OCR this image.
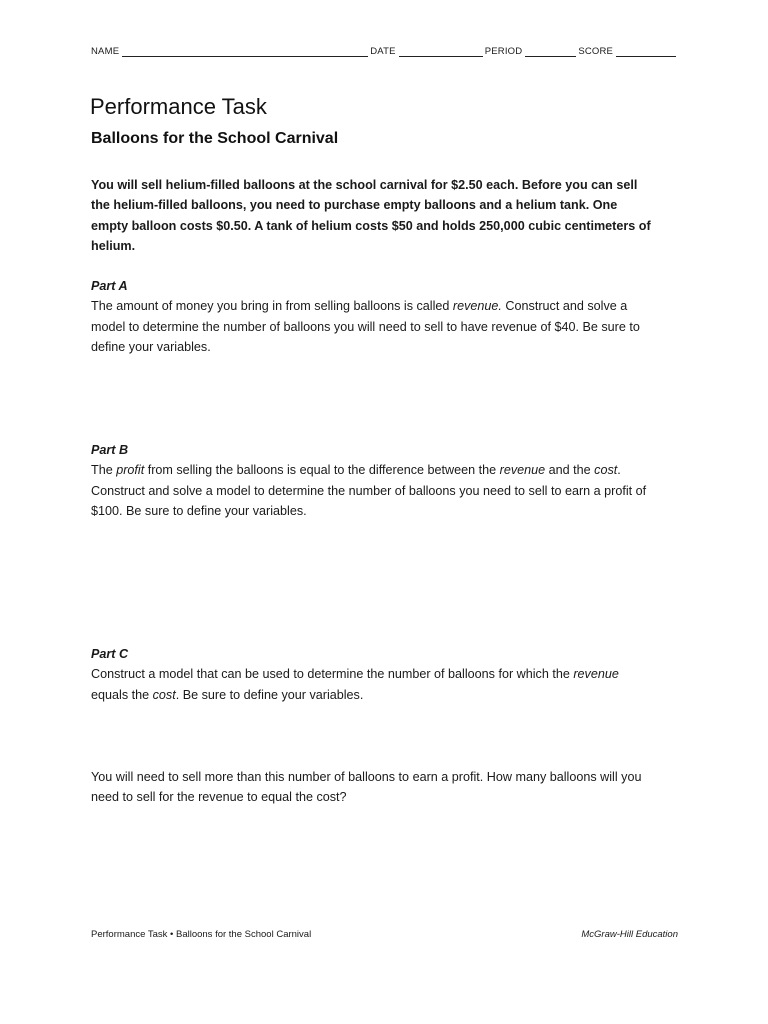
NAME	DATE	PERIOD	SCORE
Performance Task
Balloons for the School Carnival

You will sell helium-filled balloons at the school carnival for $2.50 each. Before you can sell the helium-filled balloons, you need to purchase empty balloons and a helium tank. One empty balloon costs $0.50. A tank of helium costs $50 and holds 250,000 cubic centimeters of helium.

Part A
The amount of money you bring in from selling balloons is called revenue. Construct and solve a model to determine the number of balloons you will need to sell to have revenue of $40. Be sure to define your variables.
Part B
The profit from selling the balloons is equal to the difference between the revenue and the cost. Construct and solve a model to determine the number of balloons you need to sell to earn a profit of $100. Be sure to define your variables.
Part C
Construct a model that can be used to determine the number of balloons for which the revenue equals the cost. Be sure to define your variables.

You will need to sell more than this number of balloons to earn a profit. How many balloons will you need to sell for the revenue to equal the cost?

Performance Task • Balloons for the School Carnival	McGraw-Hill Education
